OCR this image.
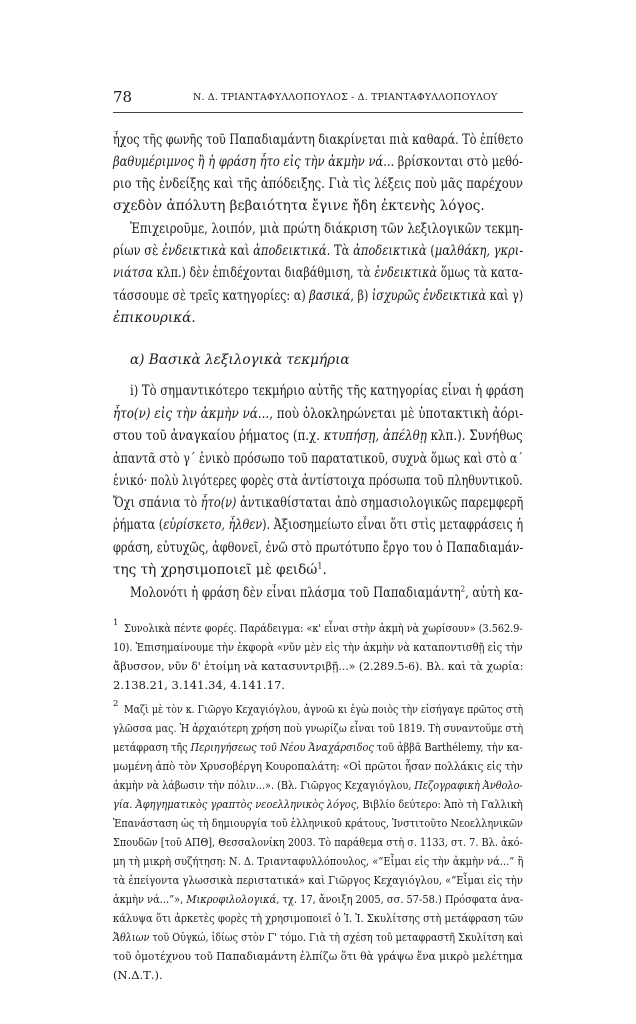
78	Ν. Δ. ΤΡΙΑΝΤΑΦΥΛΛΟΠΟΥΛΟΣ - Δ. ΤΡΙΑΝΤΑΦΥΛΛΟΠΟΥΛΟΥ
ἦχος τῆς φωνῆς τοῦ Παπαδιαμάντη διακρίνεται πιὰ καθαρά. Τὸ ἐπίθετο
βαθυμέριμνος ἢ ἡ φράση ἦτο εἰς τὴν ἀκμὴν νά... βρίσκονται στὸ μεθό-
ριο τῆς ἐνδείξης καὶ τῆς ἀπόδειξης. Γιὰ τὶς λέξεις ποὺ μᾶς παρέχουν
σχεδὸν ἀπόλυτη βεβαιότητα ἔγινε ἤδη ἐκτενὴς λόγος.
Ἐπιχειροῦμε, λοιπόν, μιὰ πρώτη διάκριση τῶν λεξιλογικῶν τεκμη-
ρίων σὲ ἐνδεικτικὰ καὶ ἀποδεικτικά. Τὰ ἀποδεικτικὰ (μαλθάκη, γκρι-
νιάτσα κλπ.) δὲν ἐπιδέχονται διαβάθμιση, τὰ ἐνδεικτικὰ ὅμως τὰ κατα-
τάσσουμε σὲ τρεῖς κατηγορίες: α) βασικά, β) ἰσχυρῶς ἐνδεικτικὰ καὶ γ)
ἐπικουρικά.
α) Βασικὰ λεξιλογικὰ τεκμήρια
i) Τὸ σημαντικότερο τεκμήριο αὐτῆς τῆς κατηγορίας εἶναι ἡ φράση
ἦτο(ν) εἰς τὴν ἀκμὴν νά..., ποὺ ὁλοκληρώνεται μὲ ὑποτακτικὴ ἀόρι-
στου τοῦ ἀναγκαίου ῥήματος (π.χ. κτυπήσῃ, ἀπέλθῃ κλπ.). Συνήθως
ἀπαντᾶ στὸ γ΄ ἑνικὸ πρόσωπο τοῦ παρατατικοῦ, συχνὰ ὅμως καὶ στὸ α΄
ἑνικό· πολὺ λιγότερες φορὲς στὰ ἀντίστοιχα πρόσωπα τοῦ πληθυντικοῦ.
Ὄχι σπάνια τὸ ἦτο(ν) ἀντικαθίσταται ἀπὸ σημασιολογικῶς παρεμφερῆ
ῥήματα (εὑρίσκετο, ἦλθεν). Ἀξιοσημείωτο εἶναι ὅτι στὶς μεταφράσεις ἡ
φράση, εὐτυχῶς, ἀφθονεῖ, ἐνῶ στὸ πρωτότυπο ἔργο του ὁ Παπαδιαμάν-
της τὴ χρησιμοποιεῖ μὲ φειδώ$^1$.
Μολονότι ἡ φράση δὲν εἶναι πλάσμα τοῦ Παπαδιαμάντη$^2$, αὐτὴ κα-
1 Συνολικὰ πέντε φορές. Παράδειγμα: «κ' εἶναι στὴν ἀκμὴ νὰ χωρίσουν» (3.562.9-
10). Ἐπισημαίνουμε τὴν ἐκφορὰ «νῦν μὲν εἰς τὴν ἀκμὴν νὰ καταποντισθῇ εἰς τὴν
ἄβυσσον, νῦν δ' ἑτοίμη νὰ κατασυντριβῇ...» (2.289.5-6). Βλ. καὶ τὰ χωρία:
2.138.21, 3.141.34, 4.141.17.
2 Μαζὶ μὲ τὸν κ. Γιῶργο Κεχαγιόγλου, ἀγνοῶ κι ἐγὼ ποιὸς τὴν εἰσήγαγε πρῶτος στὴ
γλῶσσα μας. Ἡ ἀρχαιότερη χρήση ποὺ γνωρίζω εἶναι τοῦ 1819. Τὴ συναντοῦμε στὴ
μετάφραση τῆς Περιηγήσεως τοῦ Νέου Ἀναχάρσιδος τοῦ ἀββᾶ Barthélemy, τὴν κα-
μωμένη ἀπὸ τὸν Χρυσοβέργη Κουροπαλάτη: «Οἱ πρῶτοι ἦσαν πολλάκις εἰς τὴν
ἀκμὴν νὰ λάβωσιν τὴν πόλιν...». (Βλ. Γιῶργος Κεχαγιόγλου, Πεζογραφικὴ Ἀνθολο-
γία. Ἀφηγηματικὸς γραπτὸς νεοελληνικὸς λόγος, Βιβλίο δεύτερο: Ἀπὸ τὴ Γαλλικὴ
Ἐπανάσταση ὡς τὴ δημιουργία τοῦ ἑλληνικοῦ κράτους, Ἰνστιτοῦτο Νεοελληνικῶν
Σπουδῶν [τοῦ ΑΠΘ], Θεσσαλονίκη 2003. Τὸ παράθεμα στὴ σ. 1133, στ. 7. Βλ. ἀκό-
μη τὴ μικρὴ συζήτηση: Ν. Δ. Τριανταφυλλόπουλος, «“Εἶμαι εἰς τὴν ἀκμὴν νά...” ἢ
τὰ ἐπείγοντα γλωσσικὰ περιστατικά» καὶ Γιῶργος Κεχαγιόγλου, «“Εἶμαι εἰς τὴν
ἀκμὴν νά...”», Μικροφιλολογικά, τχ. 17, ἄνοιξη 2005, σσ. 57-58.) Πρόσφατα ἀνα-
κάλυψα ὅτι ἀρκετὲς φορὲς τὴ χρησιμοποιεῖ ὁ Ἰ. Ἰ. Σκυλίτσης στὴ μετάφραση τῶν
Ἄθλιων τοῦ Οὐγκώ, ἰδίως στὸν Γ' τόμο. Γιὰ τὴ σχέση τοῦ μεταφραστῆ Σκυλίτση καὶ
τοῦ ὁμοτέχνου τοῦ Παπαδιαμάντη ἐλπίζω ὅτι θὰ γράψω ἕνα μικρὸ μελέτημα
(Ν.Δ.Τ.).
